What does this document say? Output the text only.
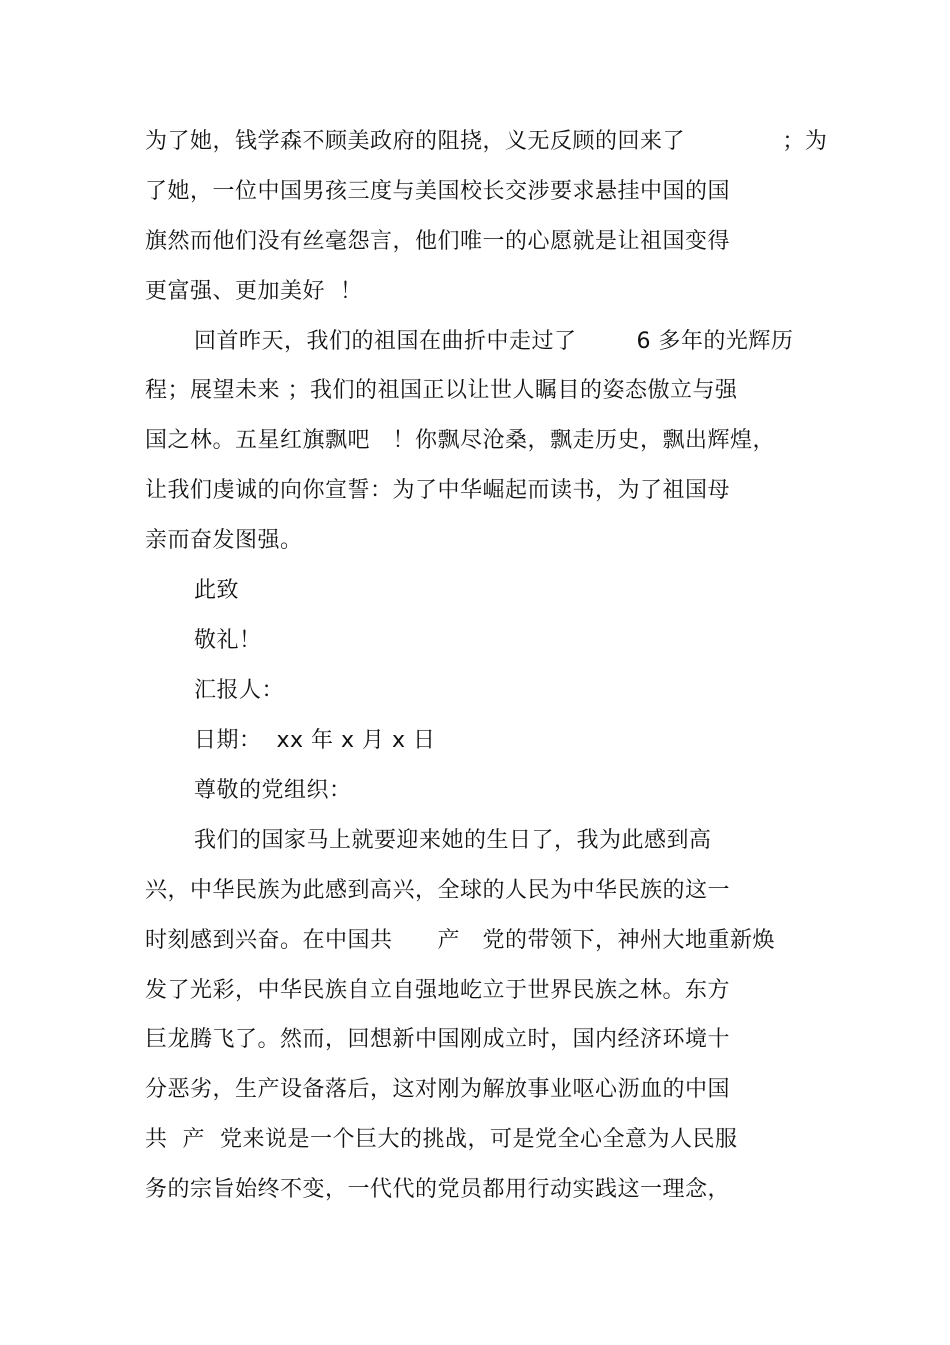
为了她，钱学森不顾美政府的阻挠，义无反顾的回来了             ；为
了她，一位中国男孩三度与美国校长交涉要求悬挂中国的国
旗然而他们没有丝毫怨言，他们唯一的心愿就是让祖国变得
更富强、更加美好  ！
回首昨天，我们的祖国在曲折中走过了        6 多年的光辉历
程；展望未来 ；我们的祖国正以让世人瞩目的姿态傲立与强
国之林。五星红旗飘吧   ！你飘尽沧桑，飘走历史，飘出辉煌，
让我们虔诚的向你宣誓：为了中华崛起而读书，为了祖国母
亲而奋发图强。
此致
敬礼！
汇报人：
日期：  xx 年 x 月 x 日
尊敬的党组织：
我们的国家马上就要迎来她的生日了，我为此感到高
兴，中华民族为此感到高兴，全球的人民为中华民族的这一
时刻感到兴奋。在中国共      产   党的带领下，神州大地重新焕
发了光彩，中华民族自立自强地屹立于世界民族之林。东方
巨龙腾飞了。然而，回想新中国刚成立时，国内经济环境十
分恶劣，生产设备落后，这对刚为解放事业呕心沥血的中国
共  产  党来说是一个巨大的挑战，可是党全心全意为人民服
务的宗旨始终不变，一代代的党员都用行动实践这一理念，
